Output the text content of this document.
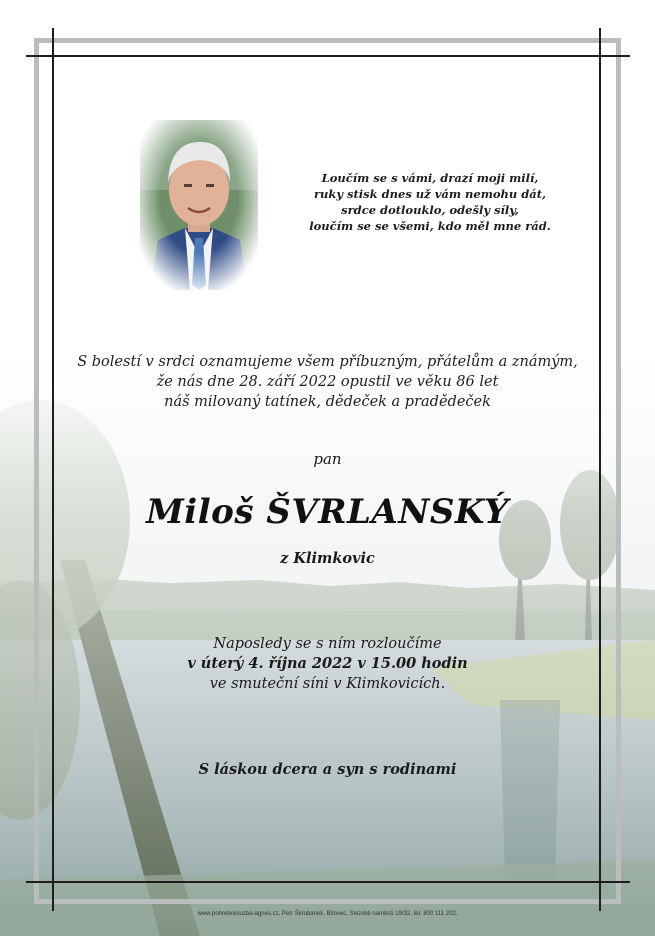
Loučím se s vámi, drazí moji milí,
ruky stisk dnes už vám nemohu dát,
srdce dotlouklo, odešly síly,
loučím se se všemi, kdo měl mne rád.
S bolestí v srdci oznamujeme všem příbuzným, přátelům a známým,
že nás dne 28. září 2022 opustil ve věku 86 let
náš milovaný tatínek, dědeček a pradědeček
pan
Miloš ŠVRLANSKÝ
z Klimkovic
Naposledy se s ním rozloučíme
v úterý 4. října 2022 v 15.00 hodin
ve smuteční síni v Klimkovicích.
S láskou dcera a syn s rodinami
www.pohrebnisluzba-agnes.cz, Petr Škrobánek, Bílovec, Slezské náměstí 19/32, tel. 800 111 202.
